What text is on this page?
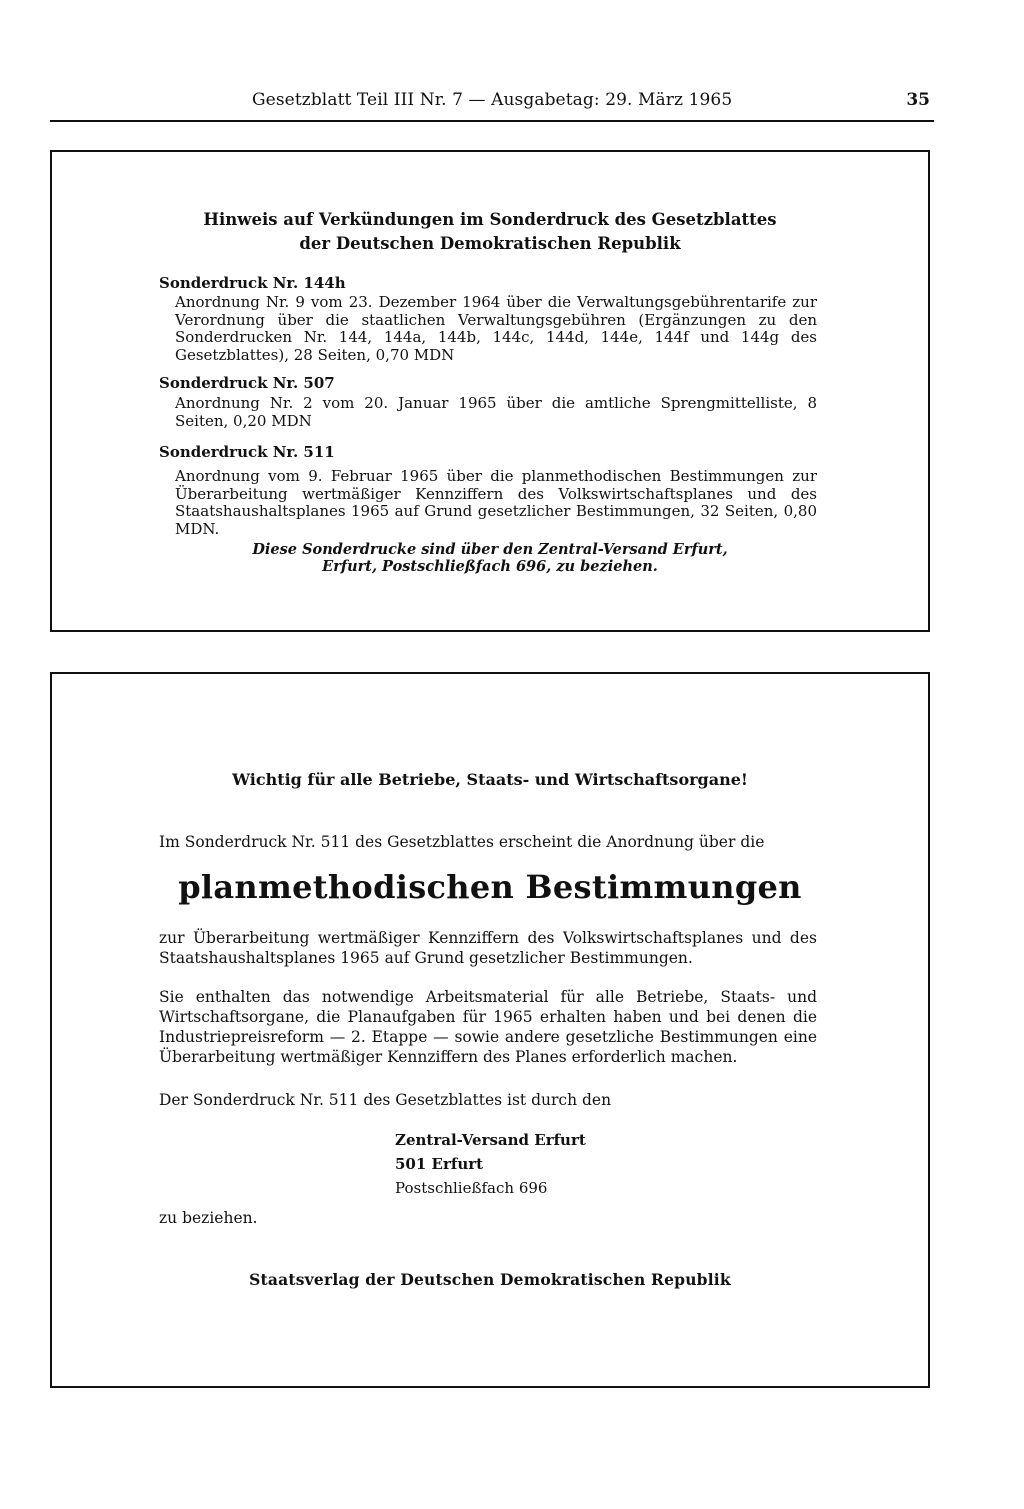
Gesetzblatt Teil III Nr. 7 — Ausgabetag: 29. März 1965	35
Hinweis auf Verkündungen im Sonderdruck des Gesetzblattes
der Deutschen Demokratischen Republik
Sonderdruck Nr. 144h
Anordnung Nr. 9 vom 23. Dezember 1964 über die Verwaltungsgebührentarife zur Verordnung über die staatlichen Verwaltungsgebühren (Ergänzungen zu den Sonderdrucken Nr. 144, 144a, 144b, 144c, 144d, 144e, 144f und 144g des Gesetzblattes), 28 Seiten, 0,70 MDN
Sonderdruck Nr. 507
Anordnung Nr. 2 vom 20. Januar 1965 über die amtliche Sprengmittelliste, 8 Seiten, 0,20 MDN
Sonderdruck Nr. 511
Anordnung vom 9. Februar 1965 über die planmethodischen Bestimmungen zur Überarbeitung wertmäßiger Kennziffern des Volkswirtschaftsplanes und des Staatshaushaltsplanes 1965 auf Grund gesetzlicher Bestimmungen, 32 Seiten, 0,80 MDN.
Diese Sonderdrucke sind über den Zentral-Versand Erfurt,
Erfurt, Postschließfach 696, zu beziehen.
Wichtig für alle Betriebe, Staats- und Wirtschaftsorgane!
Im Sonderdruck Nr. 511 des Gesetzblattes erscheint die Anordnung über die
planmethodischen Bestimmungen
zur Überarbeitung wertmäßiger Kennziffern des Volkswirtschaftsplanes und des Staatshaushaltsplanes 1965 auf Grund gesetzlicher Bestimmungen.
Sie enthalten das notwendige Arbeitsmaterial für alle Betriebe, Staats- und Wirtschaftsorgane, die Planaufgaben für 1965 erhalten haben und bei denen die Industriepreisreform — 2. Etappe — sowie andere gesetzliche Bestimmungen eine Überarbeitung wertmäßiger Kennziffern des Planes erforderlich machen.
Der Sonderdruck Nr. 511 des Gesetzblattes ist durch den
Zentral-Versand Erfurt
501 Erfurt
Postschließfach 696
zu beziehen.
Staatsverlag der Deutschen Demokratischen Republik
